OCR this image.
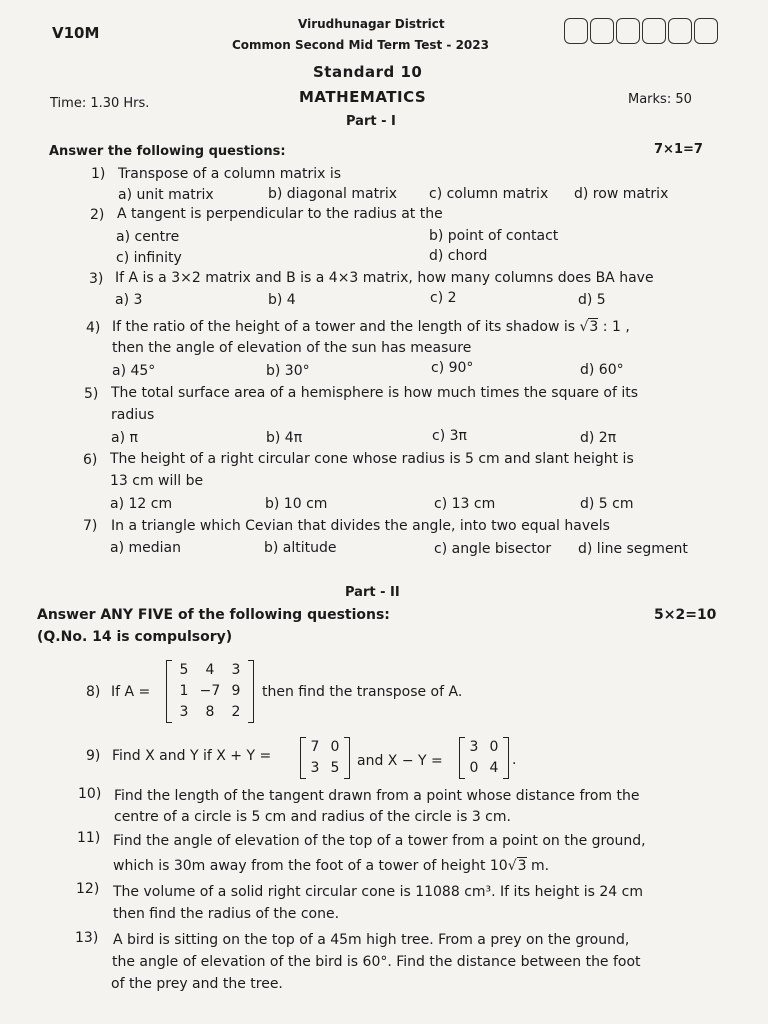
V10M	Virudhunagar District
Common Second Mid Term Test - 2023
Standard 10
MATHEMATICS
Time: 1.30 Hrs.	Marks: 50
Part - I
Answer the following questions:	7×1=7
1) Transpose of a column matrix is
a) unit matrix	b) diagonal matrix c) column matrix d) row matrix
2) A tangent is perpendicular to the radius at the
a) centre	b) point of contact
c) infinity	d) chord
3) If A is a 3×2 matrix and B is a 4×3 matrix, how many columns does BA have
a) 3	b) 4	c) 2	d) 5
4) If the ratio of the height of a tower and the length of its shadow is √3 : 1 ,
then the angle of elevation of the sun has measure
a) 45°	b) 30°	c) 90°	d) 60°
5) The total surface area of a hemisphere is how much times the square of its
radius
a) π	b) 4π	c) 3π	d) 2π
6) The height of a right circular cone whose radius is 5 cm and slant height is
13 cm will be
a) 12 cm	b) 10 cm	c) 13 cm	d) 5 cm
7) In a triangle which Cevian that divides the angle, into two equal havels
a) median	b) altitude	c) angle bisector d) line segment
Part - II
Answer ANY FIVE of the following questions:	5×2=10
(Q.No. 14 is compulsory)
8) If A =
5	4	3
1 −7 9
3	8	2
then find the transpose of A.
9) Find X and Y if X + Y =
7 0
3 5	and X − Y =
3 0
0 4 .
10) Find the length of the tangent drawn from a point whose distance from the
centre of a circle is 5 cm and radius of the circle is 3 cm.
11) Find the angle of elevation of the top of a tower from a point on the ground,
which is 30m away from the foot of a tower of height 10√3 m.
12) The volume of a solid right circular cone is 11088 cm³. If its height is 24 cm
then find the radius of the cone.
13) A bird is sitting on the top of a 45m high tree. From a prey on the ground,
the angle of elevation of the bird is 60°. Find the distance between the foot
of the prey and the tree.
